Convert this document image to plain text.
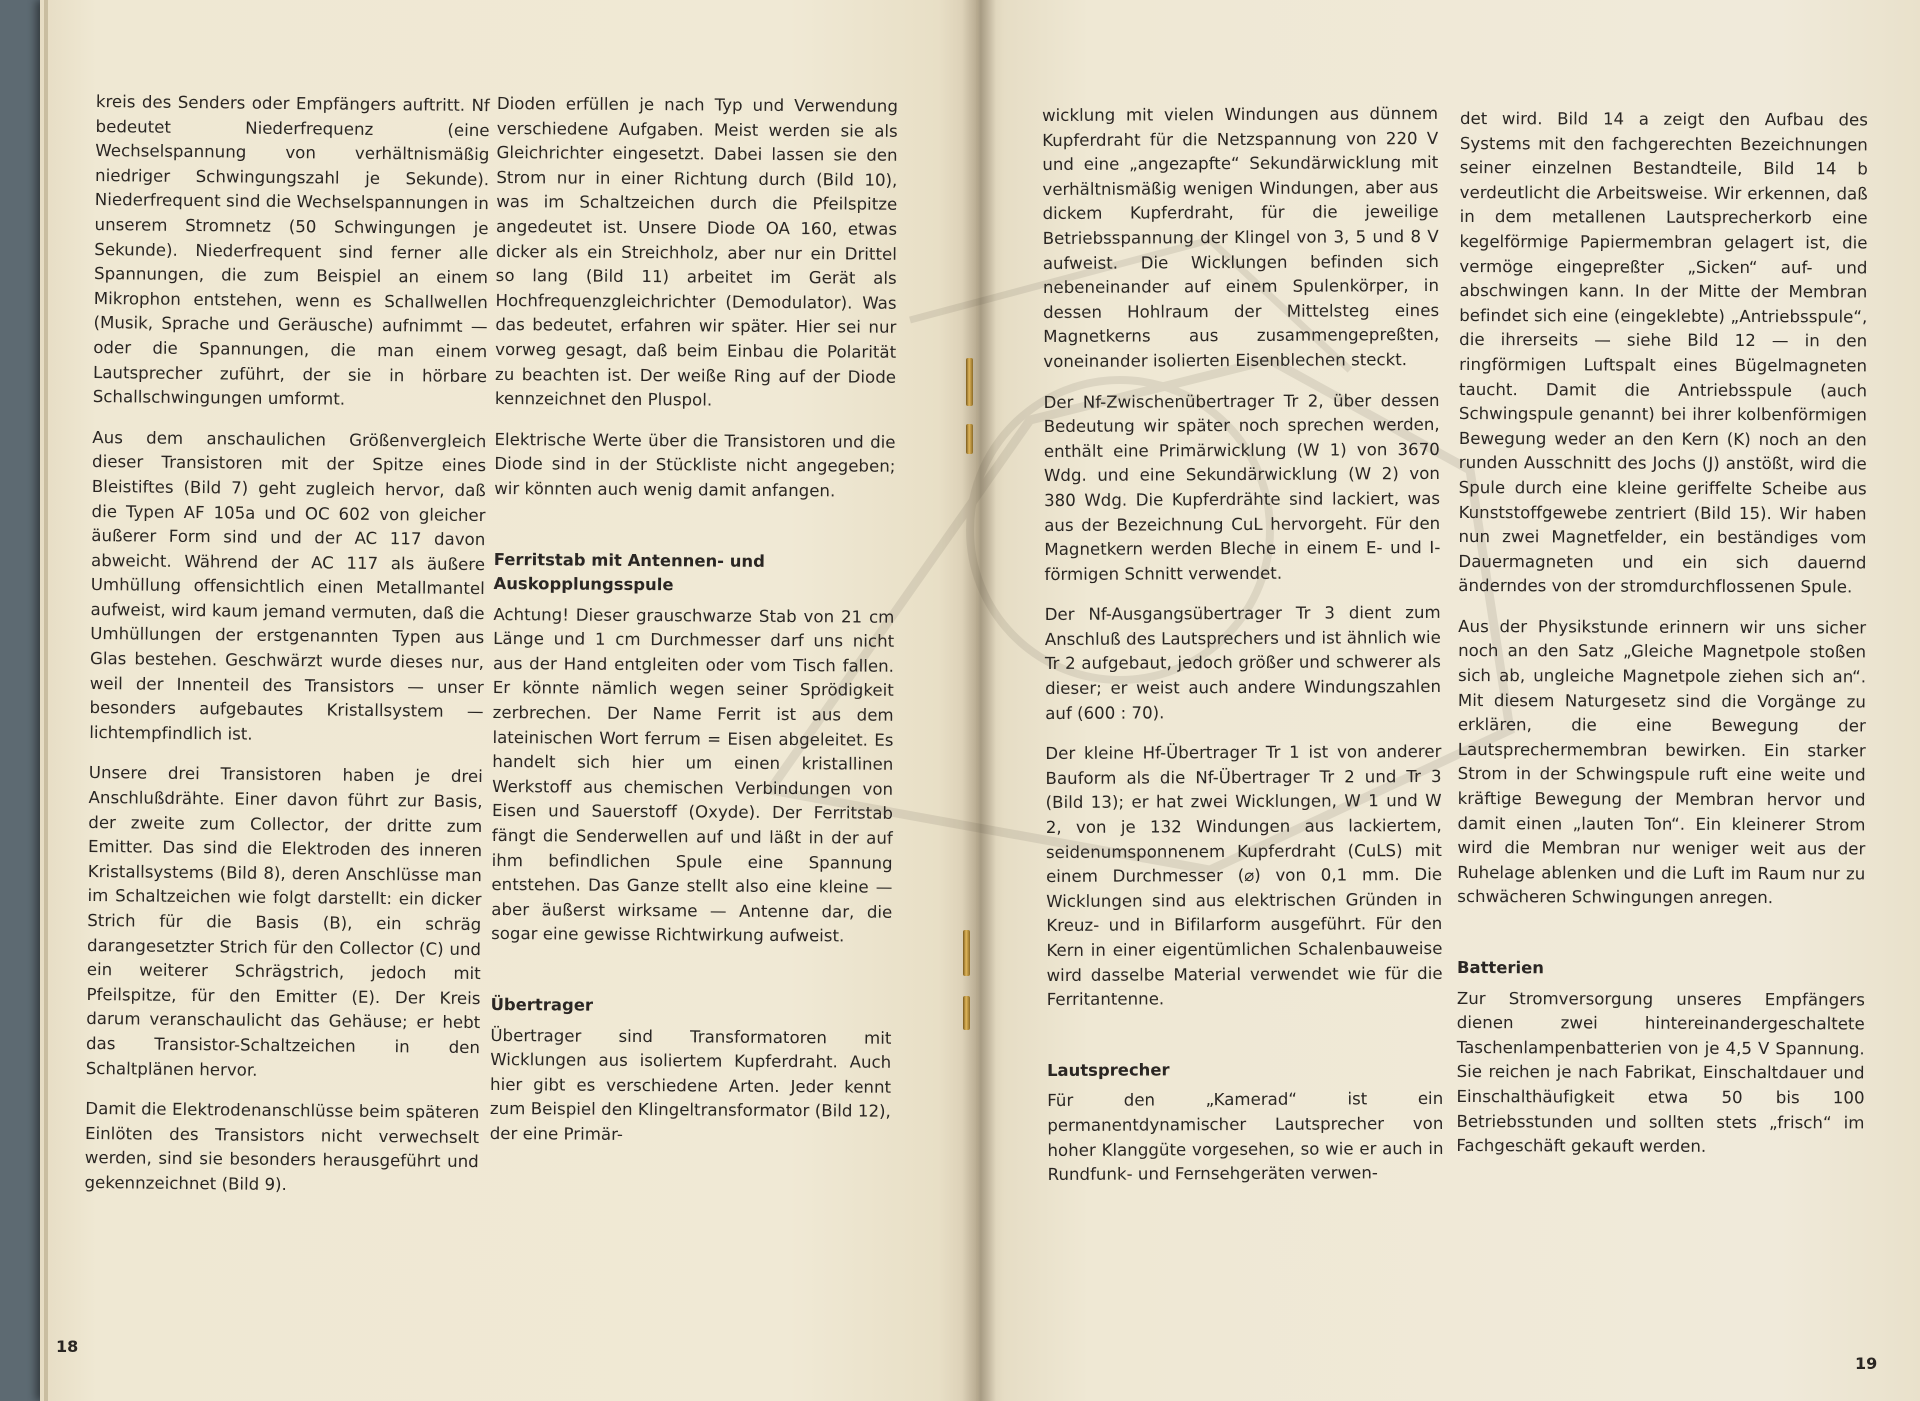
kreis des Senders oder Empfängers auftritt. Nf bedeutet Niederfrequenz (eine Wechselspannung von verhältnismäßig niedriger Schwingungszahl je Sekunde). Niederfrequent sind die Wechselspannungen in unserem Stromnetz (50 Schwingungen je Sekunde). Niederfrequent sind ferner alle Spannungen, die zum Beispiel an einem Mikrophon entstehen, wenn es Schallwellen (Musik, Sprache und Geräusche) aufnimmt — oder die Spannungen, die man einem Lautsprecher zuführt, der sie in hörbare Schallschwingungen umformt.

Aus dem anschaulichen Größenvergleich dieser Transistoren mit der Spitze eines Bleistiftes (Bild 7) geht zugleich hervor, daß die Typen AF 105a und OC 602 von gleicher äußerer Form sind und der AC 117 davon abweicht. Während der AC 117 als äußere Umhüllung offensichtlich einen Metallmantel aufweist, wird kaum jemand vermuten, daß die Umhüllungen der erstgenannten Typen aus Glas bestehen. Geschwärzt wurde dieses nur, weil der Innenteil des Transistors — unser besonders aufgebautes Kristallsystem — lichtempfindlich ist.

Unsere drei Transistoren haben je drei Anschlußdrähte. Einer davon führt zur Basis, der zweite zum Collector, der dritte zum Emitter. Das sind die Elektroden des inneren Kristallsystems (Bild 8), deren Anschlüsse man im Schaltzeichen wie folgt darstellt: ein dicker Strich für die Basis (B), ein schräg darangesetzter Strich für den Collector (C) und ein weiterer Schrägstrich, jedoch mit Pfeilspitze, für den Emitter (E). Der Kreis darum veranschaulicht das Gehäuse; er hebt das Transistor-Schaltzeichen in den Schaltplänen hervor.

Damit die Elektrodenanschlüsse beim späteren Einlöten des Transistors nicht verwechselt werden, sind sie besonders herausgeführt und gekennzeichnet (Bild 9).

Dioden erfüllen je nach Typ und Verwendung verschiedene Aufgaben. Meist werden sie als Gleichrichter eingesetzt. Dabei lassen sie den Strom nur in einer Richtung durch (Bild 10), was im Schaltzeichen durch die Pfeilspitze angedeutet ist. Unsere Diode OA 160, etwas dicker als ein Streichholz, aber nur ein Drittel so lang (Bild 11) arbeitet im Gerät als Hochfrequenzgleichrichter (Demodulator). Was das bedeutet, erfahren wir später. Hier sei nur vorweg gesagt, daß beim Einbau die Polarität zu beachten ist. Der weiße Ring auf der Diode kennzeichnet den Pluspol.

Elektrische Werte über die Transistoren und die Diode sind in der Stückliste nicht angegeben; wir könnten auch wenig damit anfangen.

Ferritstab mit Antennen- und Auskopplungsspule

Achtung! Dieser grauschwarze Stab von 21 cm Länge und 1 cm Durchmesser darf uns nicht aus der Hand entgleiten oder vom Tisch fallen. Er könnte nämlich wegen seiner Sprödigkeit zerbrechen. Der Name Ferrit ist aus dem lateinischen Wort ferrum = Eisen abgeleitet. Es handelt sich hier um einen kristallinen Werkstoff aus chemischen Verbindungen von Eisen und Sauerstoff (Oxyde). Der Ferritstab fängt die Senderwellen auf und läßt in der auf ihm befindlichen Spule eine Spannung entstehen. Das Ganze stellt also eine kleine — aber äußerst wirksame — Antenne dar, die sogar eine gewisse Richtwirkung aufweist.

Übertrager

Übertrager sind Transformatoren mit Wicklungen aus isoliertem Kupferdraht. Auch hier gibt es verschiedene Arten. Jeder kennt zum Beispiel den Klingeltransformator (Bild 12), der eine Primär-

18

wicklung mit vielen Windungen aus dünnem Kupferdraht für die Netzspannung von 220 V und eine „angezapfte“ Sekundärwicklung mit verhältnismäßig wenigen Windungen, aber aus dickem Kupferdraht, für die jeweilige Betriebsspannung der Klingel von 3, 5 und 8 V aufweist. Die Wicklungen befinden sich nebeneinander auf einem Spulenkörper, in dessen Hohlraum der Mittelsteg eines Magnetkerns aus zusammengepreßten, voneinander isolierten Eisenblechen steckt.

Der Nf-Zwischenübertrager Tr 2, über dessen Bedeutung wir später noch sprechen werden, enthält eine Primärwicklung (W 1) von 3670 Wdg. und eine Sekundärwicklung (W 2) von 380 Wdg. Die Kupferdrähte sind lackiert, was aus der Bezeichnung CuL hervorgeht. Für den Magnetkern werden Bleche in einem E- und I-förmigen Schnitt verwendet.

Der Nf-Ausgangsübertrager Tr 3 dient zum Anschluß des Lautsprechers und ist ähnlich wie Tr 2 aufgebaut, jedoch größer und schwerer als dieser; er weist auch andere Windungszahlen auf (600 : 70).

Der kleine Hf-Übertrager Tr 1 ist von anderer Bauform als die Nf-Übertrager Tr 2 und Tr 3 (Bild 13); er hat zwei Wicklungen, W 1 und W 2, von je 132 Windungen aus lackiertem, seidenumsponnenem Kupferdraht (CuLS) mit einem Durchmesser (⌀) von 0,1 mm. Die Wicklungen sind aus elektrischen Gründen in Kreuz- und in Bifilarform ausgeführt. Für den Kern in einer eigentümlichen Schalenbauweise wird dasselbe Material verwendet wie für die Ferritantenne.

Lautsprecher

Für den „Kamerad“ ist ein permanentdynamischer Lautsprecher von hoher Klanggüte vorgesehen, so wie er auch in Rundfunk- und Fernsehgeräten verwen-

det wird. Bild 14 a zeigt den Aufbau des Systems mit den fachgerechten Bezeichnungen seiner einzelnen Bestandteile, Bild 14 b verdeutlicht die Arbeitsweise. Wir erkennen, daß in dem metallenen Lautsprecherkorb eine kegelförmige Papiermembran gelagert ist, die vermöge eingepreßter „Sicken“ auf- und abschwingen kann. In der Mitte der Membran befindet sich eine (eingeklebte) „Antriebsspule“, die ihrerseits — siehe Bild 12 — in den ringförmigen Luftspalt eines Bügelmagneten taucht. Damit die Antriebsspule (auch Schwingspule genannt) bei ihrer kolbenförmigen Bewegung weder an den Kern (K) noch an den runden Ausschnitt des Jochs (J) anstößt, wird die Spule durch eine kleine geriffelte Scheibe aus Kunststoffgewebe zentriert (Bild 15). Wir haben nun zwei Magnetfelder, ein beständiges vom Dauermagneten und ein sich dauernd änderndes von der stromdurchflossenen Spule.

Aus der Physikstunde erinnern wir uns sicher noch an den Satz „Gleiche Magnetpole stoßen sich ab, ungleiche Magnetpole ziehen sich an“. Mit diesem Naturgesetz sind die Vorgänge zu erklären, die eine Bewegung der Lautsprechermembran bewirken. Ein starker Strom in der Schwingspule ruft eine weite und kräftige Bewegung der Membran hervor und damit einen „lauten Ton“. Ein kleinerer Strom wird die Membran nur weniger weit aus der Ruhelage ablenken und die Luft im Raum nur zu schwächeren Schwingungen anregen.

Batterien

Zur Stromversorgung unseres Empfängers dienen zwei hintereinandergeschaltete Taschenlampenbatterien von je 4,5 V Spannung. Sie reichen je nach Fabrikat, Einschaltdauer und Einschalthäufigkeit etwa 50 bis 100 Betriebsstunden und sollten stets „frisch“ im Fachgeschäft gekauft werden.

19
